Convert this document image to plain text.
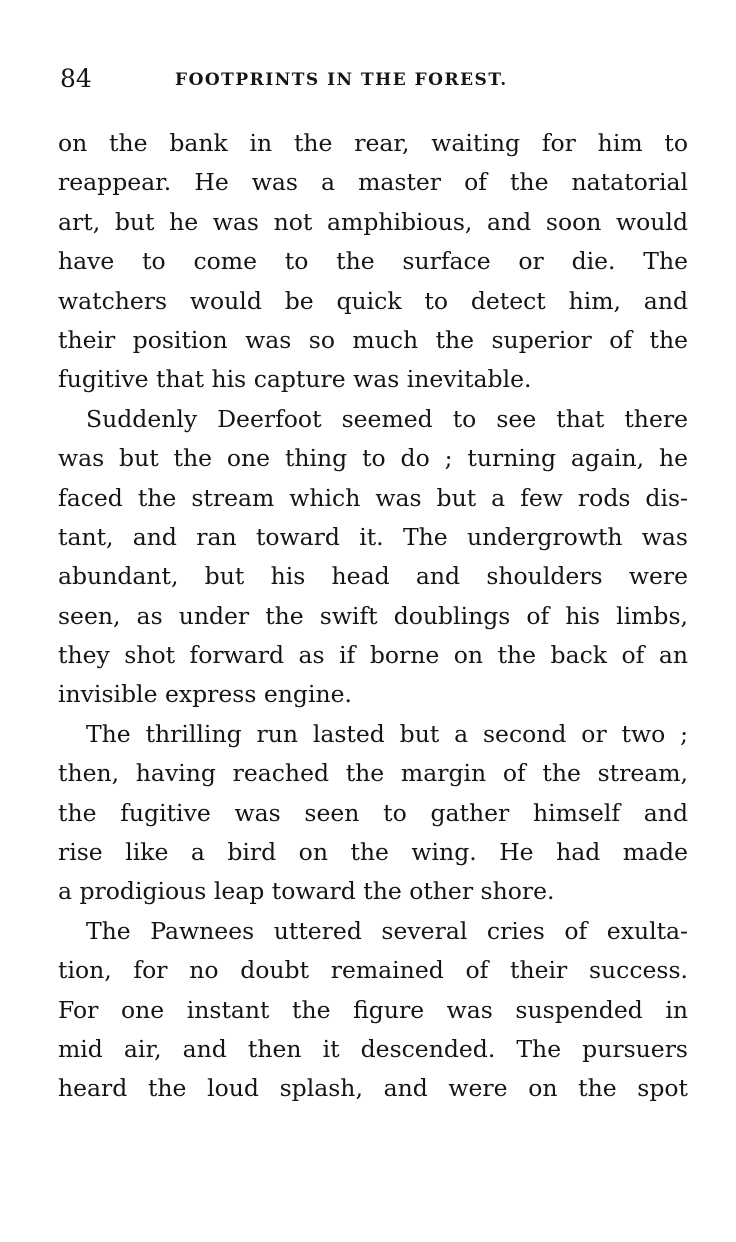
84	FOOTPRINTS IN THE FOREST.
on the bank in the rear, waiting for him to
reappear. He was a master of the natatorial
art, but he was not amphibious, and soon would
have to come to the surface or die. The
watchers would be quick to detect him, and
their position was so much the superior of the
fugitive that his capture was inevitable.
Suddenly Deerfoot seemed to see that there
was but the one thing to do ; turning again, he
faced the stream which was but a few rods dis-
tant, and ran toward it. The undergrowth was
abundant, but his head and shoulders were
seen, as under the swift doublings of his limbs,
they shot forward as if borne on the back of an
invisible express engine.
The thrilling run lasted but a second or two ;
then, having reached the margin of the stream,
the fugitive was seen to gather himself and
rise like a bird on the wing. He had made
a prodigious leap toward the other shore.
The Pawnees uttered several cries of exulta-
tion, for no doubt remained of their success.
For one instant the figure was suspended in
mid air, and then it descended. The pursuers
heard the loud splash, and were on the spot
